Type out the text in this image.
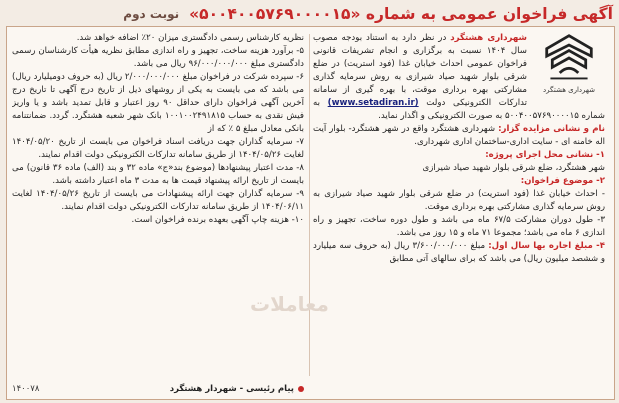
آگهی فراخوان عمومی به شماره «۵۰۰۴۰۰۵۷۶۹۰۰۰۰۱۵»
نوبت دوم
شهرداری هشتگرد
شهرداری هشتگرد در نظر دارد به استناد بودجه مصوب سال ۱۴۰۴ نسبت به برگزاری و انجام تشریفات قانونی فراخوان عمومی احداث خیابان غذا (فود استریت) در ضلع شرقی بلوار شهید صیاد شیرازی به روش سرمایه گذاری مشارکتی بهره برداری موقت، با بهره گیری از سامانه تدارکات الکترونیکی دولت (www.setadiran.ir) به شماره ۵۰۰۴۰۰۵۷۶۹۰۰۰۰۱۵ به صورت الکترونیکی و اگذار نماید.
نام و نشانی مزایده گزار: شهرداری هشتگرد واقع در شهر هشتگرد- بلوار آیت اله خامنه ای - سایت اداری-ساختمان اداری شهرداری.
۱- نشانی محل اجرای پروژه:
شهر هشتگرد، ضلع شرقی بلوار شهید صیاد شیرازی
۲- موضوع فراخوان:
- احداث خیابان غذا (فود استریت) در ضلع شرقی بلوار شهید صیاد شیرازی به روش سرمایه گذاری مشارکتی بهره برداری موقت.
۳- طول دوران مشارکت ۶۷/۵ ماه می باشد و طول دوره ساخت، تجهیز و راه اندازی ۶ ماه می باشد؛ مجموعا ۷۱ ماه و ۱۵ روز می باشد.
۴- مبلغ اجاره بها سال اول: مبلغ ۳/۶۰۰/۰۰۰/۰۰۰ ریال (به حروف سه میلیارد و ششصد میلیون ریال) می باشد که برای سالهای آتی مطابق
نظریه کارشناس رسمی دادگستری میزان ۲۰٪ اضافه خواهد شد.
۵- برآورد هزینه ساخت، تجهیز و راه اندازی مطابق نظریه هیأت کارشناسان رسمی دادگستری مبلغ ۹۶/۰۰۰/۰۰۰/۰۰۰ ریال می باشد.
۶- سپرده شرکت در فراخوان مبلغ ۲/۰۰۰/۰۰۰/۰۰۰ ریال (به حروف دومیلیارد ریال) می باشد که می بایست به یکی از روشهای ذیل از تاریخ درج آگهی تا تاریخ درج آخرین آگهی فراخوان دارای حداقل ۹۰ روز اعتبار و قابل تمدید باشد و یا واریز فیش نقدی به حساب ۱۰۰۱۰۰۲۴۹۱۸۱۵ بانک شهر شعبه هشتگرد. گردد. ضمانتنامه بانکی معادل مبلغ ۵ ٪ که از
۷- سرمایه گذاران جهت دریافت اسناد فراخوان می بایست از تاریخ ۱۴۰۴/۰۵/۲۰ لغایت ۱۴۰۴/۰۵/۲۶ از طریق سامانه تدارکات الکترونیکی دولت اقدام نمایند.
۸- مدت اعتبار پیشنهادها (موضوع بند«ج» ماده ۳۲ و بند (الف) ماده ۳۶ قانون) می بایست از تاریخ ارائه پیشنهاد قیمت ها به مدت ۳ ماه اعتبار داشته باشد.
۹- سرمایه گذاران جهت ارائه پیشنهادات می بایست از تاریخ ۱۴۰۴/۰۵/۲۶ لغایت ۱۴۰۴/۰۶/۱۱ از طریق سامانه تدارکات الکترونیکی دولت اقدام نمایند.
۱۰- هزینه چاپ آگهی بعهده برنده فراخوان است.
معاملات
پیام رئیسی - شهردار هشتگرد
۱۴۰۰۷۸
